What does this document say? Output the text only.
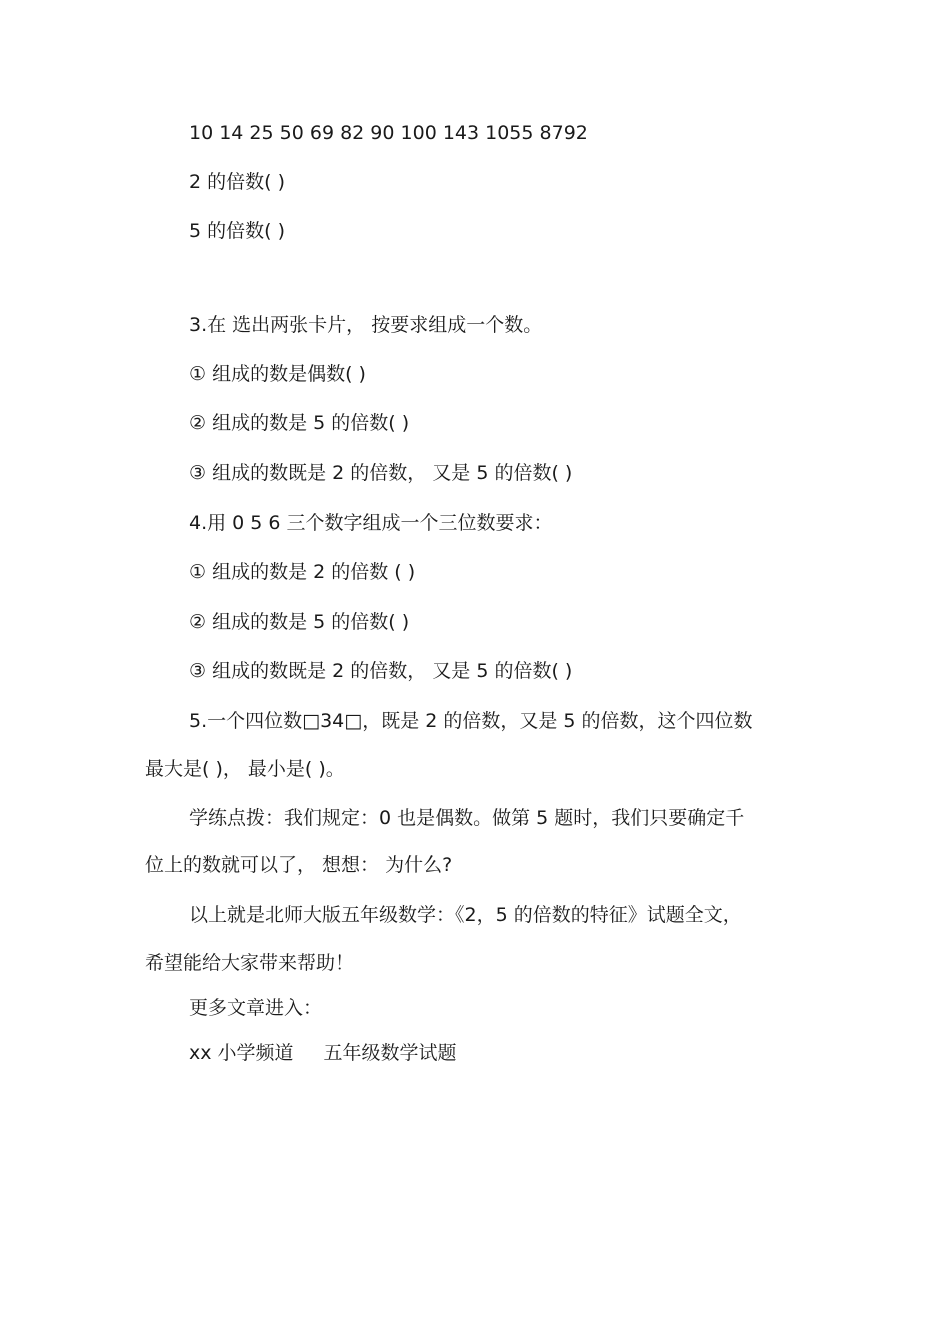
10 14 25 50 69 82 90 100 143 1055 8792
2 的倍数( )
5 的倍数( )
3.在 选出两张卡片， 按要求组成一个数。
① 组成的数是偶数( )
② 组成的数是 5 的倍数( )
③ 组成的数既是 2 的倍数， 又是 5 的倍数( )
4.用 0 5 6 三个数字组成一个三位数要求：
① 组成的数是 2 的倍数 ( )
② 组成的数是 5 的倍数( )
③ 组成的数既是 2 的倍数， 又是 5 的倍数( )
5.一个四位数□34□，既是 2 的倍数，又是 5 的倍数，这个四位数
最大是( )， 最小是( )。
学练点拨：我们规定：0 也是偶数。做第 5 题时，我们只要确定千
位上的数就可以了， 想想： 为什么?
以上就是北师大版五年级数学：《2，5 的倍数的特征》试题全文，
希望能给大家带来帮助！
更多文章进入：
xx 小学频道 五年级数学试题
